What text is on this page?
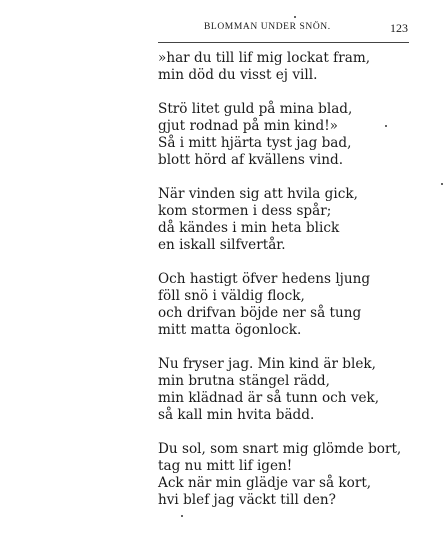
BLOMMAN UNDER SNÖN.	123
»har du till lif mig lockat fram,
min död du visst ej vill.
Strö litet guld på mina blad,
gjut rodnad på min kind!»
Så i mitt hjärta tyst jag bad,
blott hörd af kvällens vind.
När vinden sig att hvila gick,
kom stormen i dess spår;
då kändes i min heta blick
en iskall silfvertår.
Och hastigt öfver hedens ljung
föll snö i väldig flock,
och drifvan böjde ner så tung
mitt matta ögonlock.
Nu fryser jag. Min kind är blek,
min brutna stängel rädd,
min klädnad är så tunn och vek,
så kall min hvita bädd.
Du sol, som snart mig glömde bort,
tag nu mitt lif igen!
Ack när min glädje var så kort,
hvi blef jag väckt till den?
